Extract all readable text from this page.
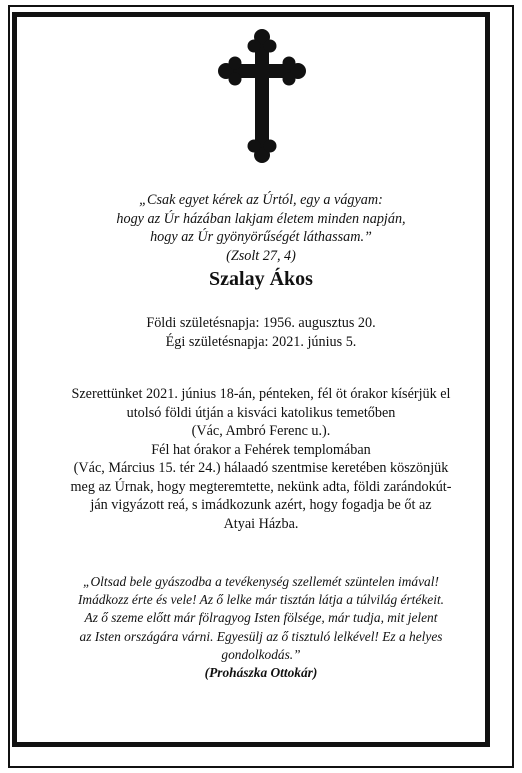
„Csak egyet kérek az Úrtól, egy a vágyam:
hogy az Úr házában lakjam életem minden napján,
hogy az Úr gyönyörűségét láthassam.”
(Zsolt 27, 4)
Szalay Ákos
Földi születésnapja: 1956. augusztus 20.
Égi születésnapja: 2021. június 5.
Szerettünket 2021. június 18-án, pénteken, fél öt órakor kísérjük el
utolsó földi útján a kisváci katolikus temetőben
(Vác, Ambró Ferenc u.).
Fél hat órakor a Fehérek templomában
(Vác, Március 15. tér 24.) hálaadó szentmise keretében köszönjük
meg az Úrnak, hogy megteremtette, nekünk adta, földi zarándokút-
ján vigyázott reá, s imádkozunk azért, hogy fogadja be őt az
Atyai Házba.
„Oltsad bele gyászodba a tevékenység szellemét szüntelen imával!
Imádkozz érte és vele! Az ő lelke már tisztán látja a túlvilág értékeit.
Az ő szeme előtt már fölragyog Isten fölsége, már tudja, mit jelent
az Isten országára várni. Egyesülj az ő tisztuló lelkével! Ez a helyes
gondolkodás.”
(Prohászka Ottokár)
